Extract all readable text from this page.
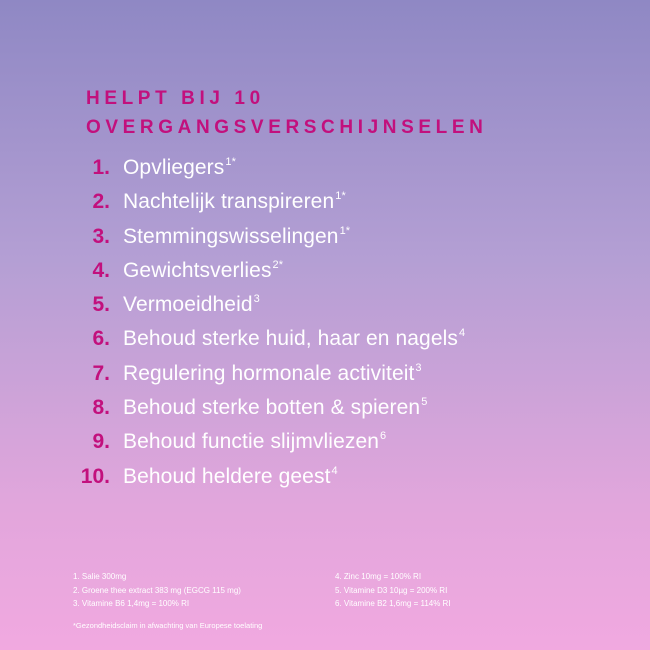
HELPT BIJ 10
OVERGANGSVERSCHIJNSELEN
1. Opvliegers$^{1*}$
2. Nachtelijk transpireren$^{1*}$
3. Stemmingswisselingen$^{1*}$
4. Gewichtsverlies$^{2*}$
5. Vermoeidheid$^3$
6. Behoud sterke huid, haar en nagels$^4$
7. Regulering hormonale activiteit$^3$
8. Behoud sterke botten & spieren$^5$
9. Behoud functie slijmvliezen$^6$
10. Behoud heldere geest$^4$
1. Salie 300mg
2. Groene thee extract 383 mg (EGCG 115 mg)
3. Vitamine B6 1,4mg = 100% RI
4. Zinc 10mg = 100% RI
5. Vitamine D3 10µg = 200% RI
6. Vitamine B2 1,6mg = 114% RI
*Gezondheidsclaim in afwachting van Europese toelating
